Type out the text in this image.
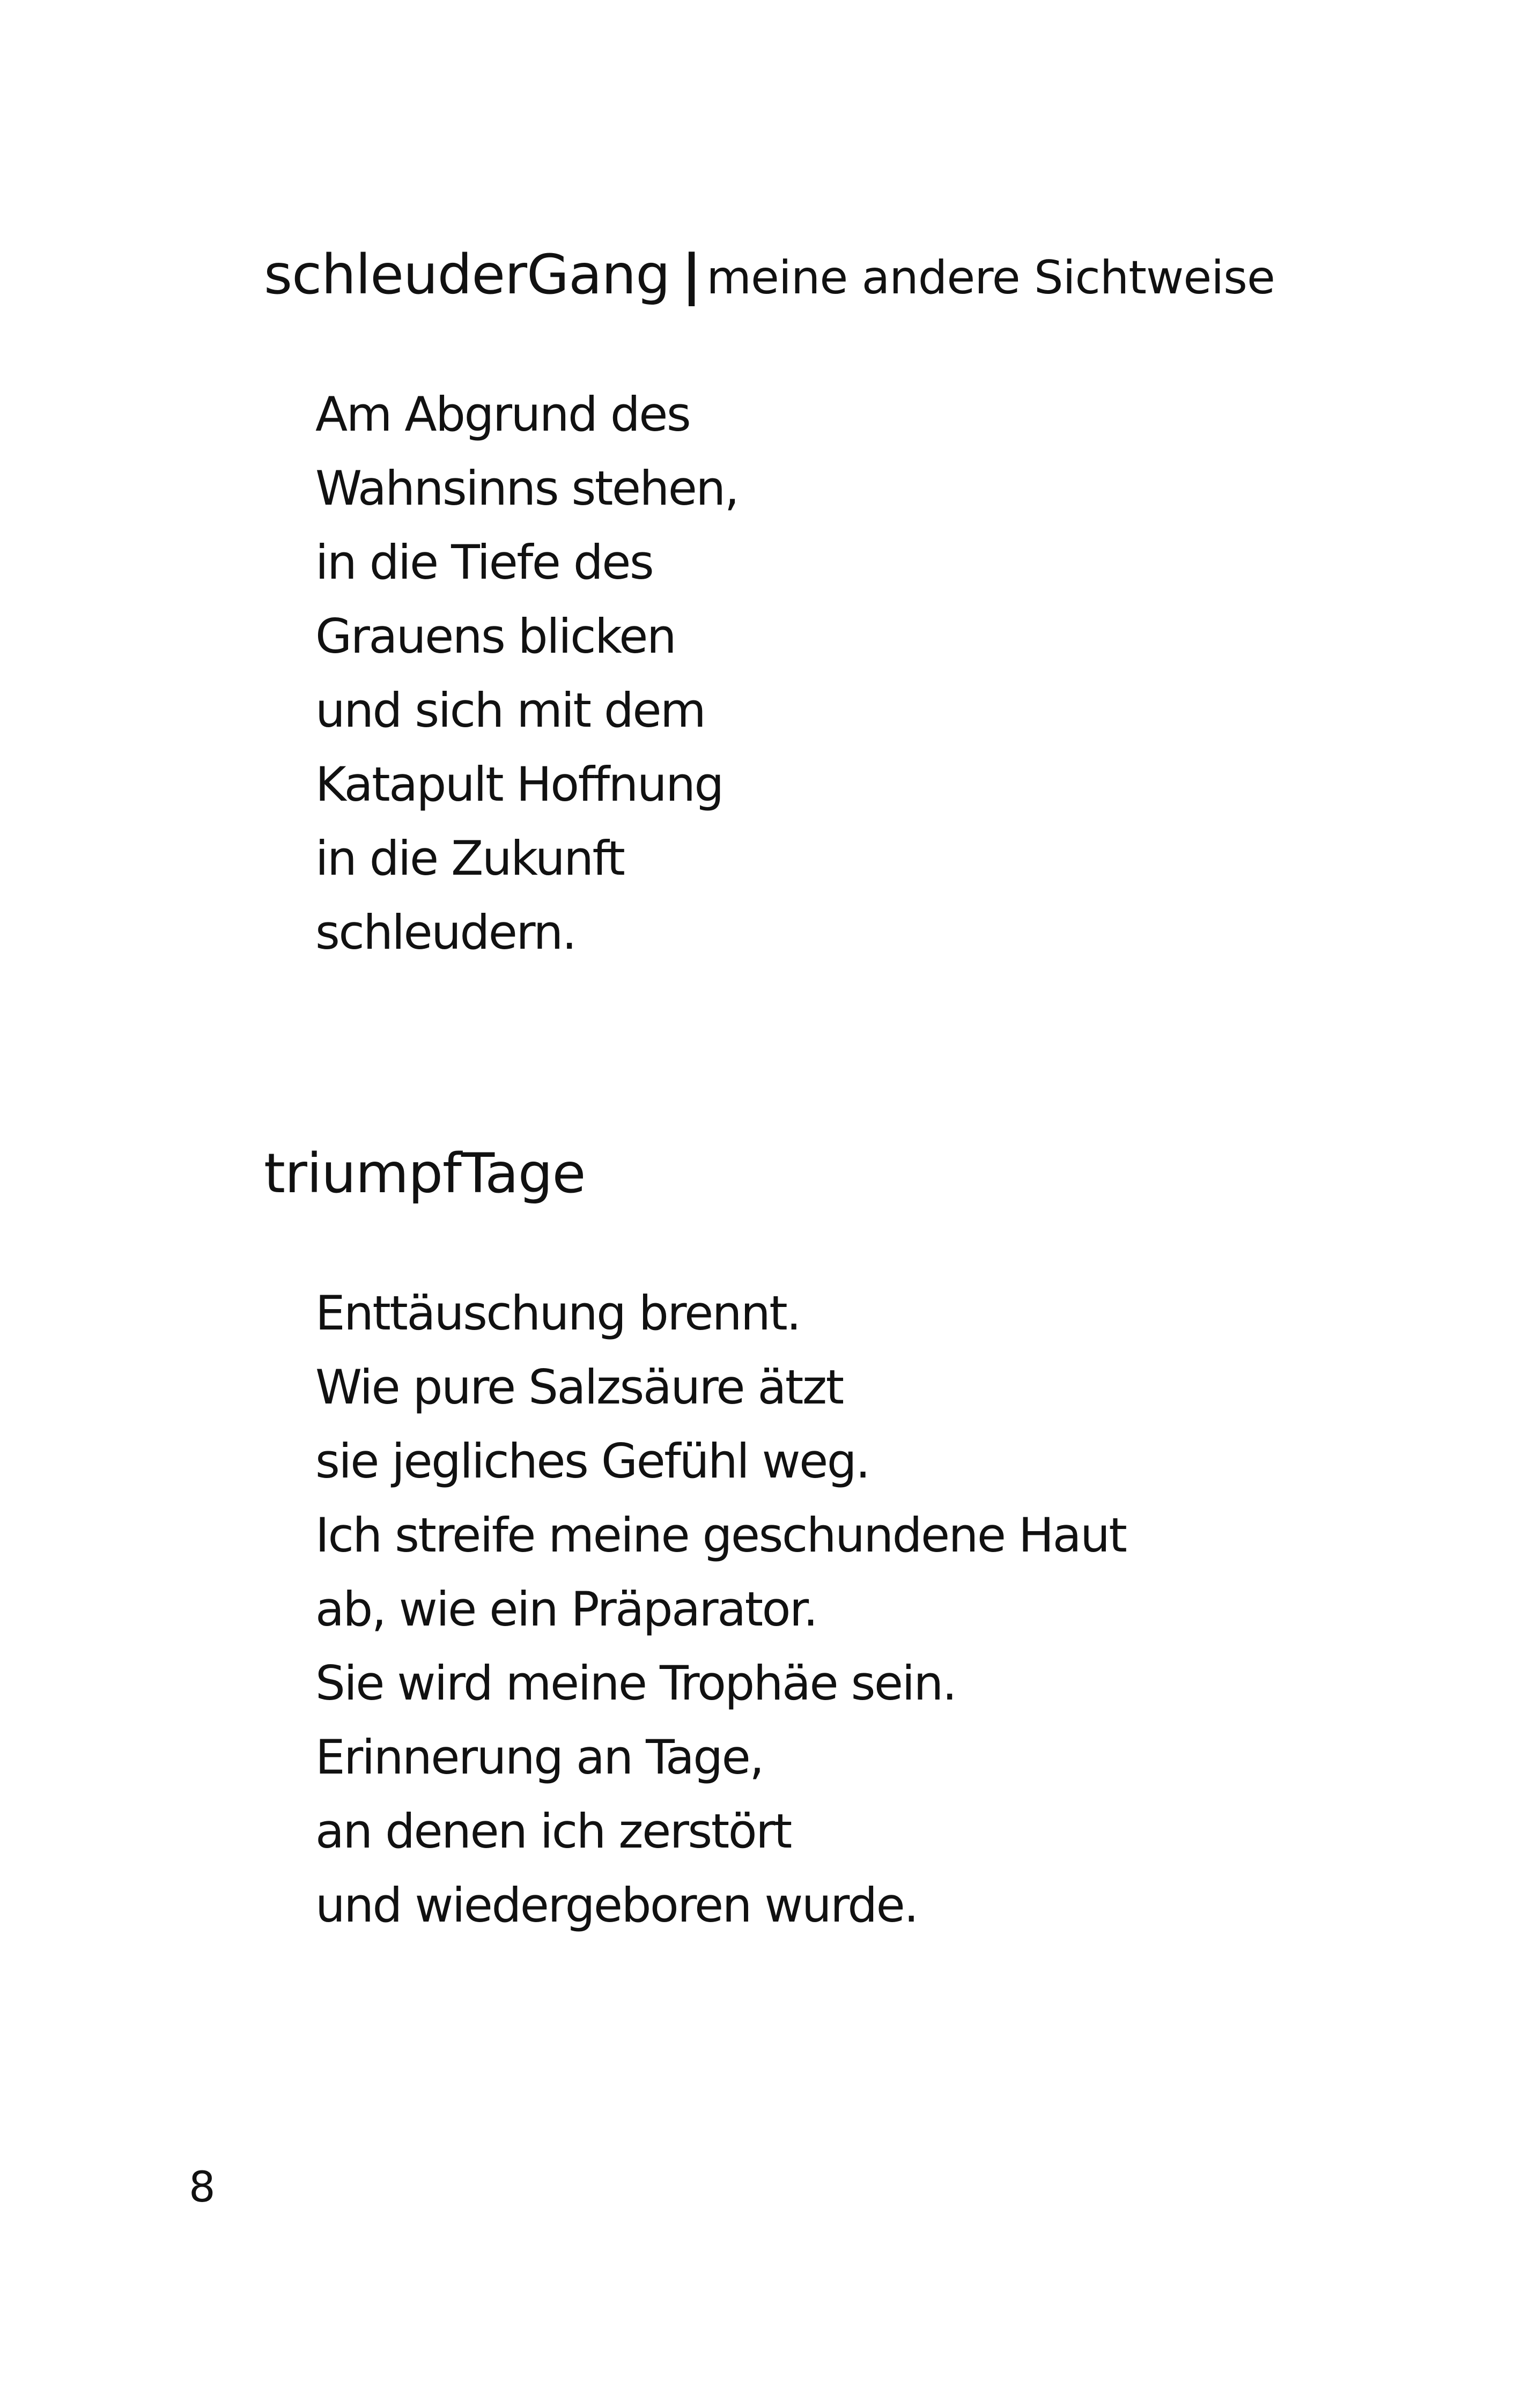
schleuderGang | meine andere Sichtweise
Am Abgrund des
Wahnsinns stehen,
in die Tiefe des
Grauens blicken
und sich mit dem
Katapult Hoffnung
in die Zukunft
schleudern.
triumpfTage
Enttäuschung brennt.
Wie pure Salzsäure ätzt
sie jegliches Gefühl weg.
Ich streife meine geschundene Haut
ab, wie ein Präparator.
Sie wird meine Trophäe sein.
Erinnerung an Tage,
an denen ich zerstört
und wiedergeboren wurde.
8
